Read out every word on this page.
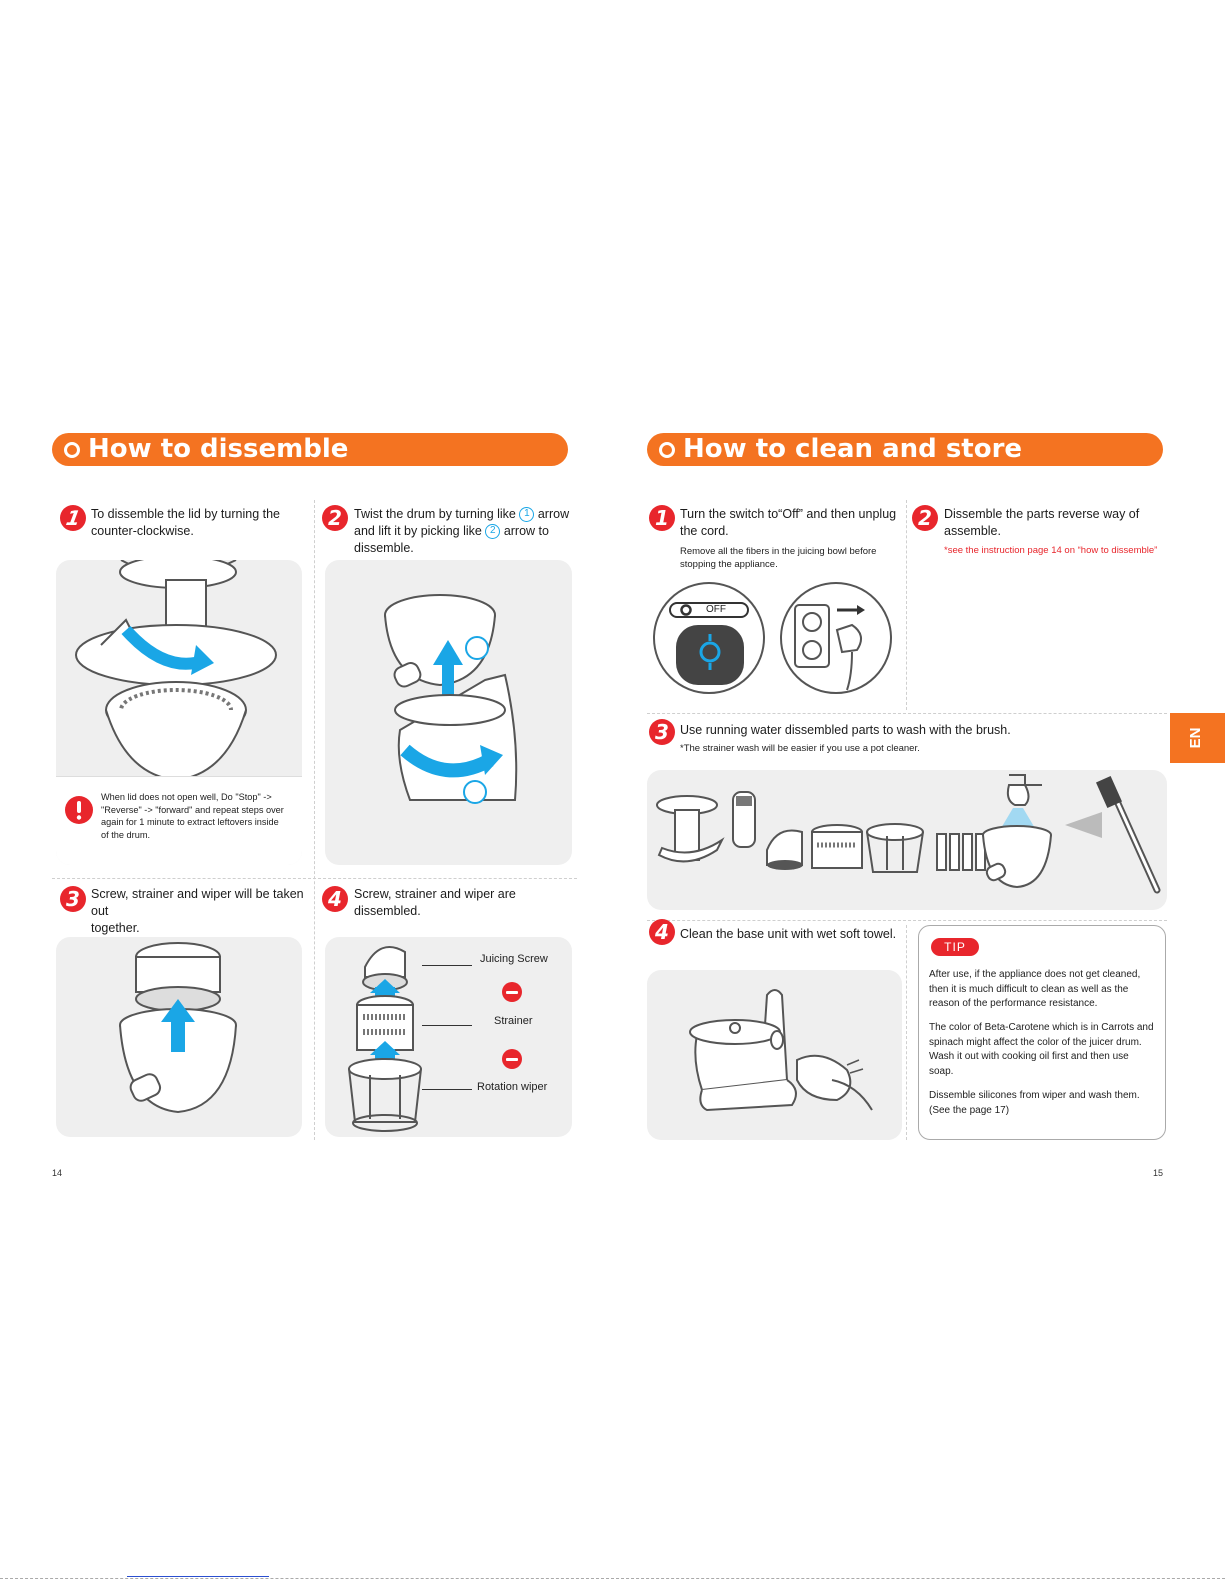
How to dissemble
1 To dissemble the lid by turning the
counter-clockwise.
When lid does not open well, Do "Stop" ->
"Reverse" -> "forward" and repeat steps over
again for 1 minute to extract leftovers inside
of the drum.
2 Twist the drum by turning like 1 arrow
and lift it by picking like 2 arrow to
dissemble.
3 Screw, strainer and wiper will be taken out
together.
4 Screw, strainer and wiper are dissembled.
Juicing Screw
Strainer
Rotation wiper
14
How to clean and store
1 Turn the switch to“Off” and then unplug
the cord.
Remove all the fibers in the juicing bowl before
stopping the appliance.
OFF
2 Dissemble the parts reverse way of
assemble.
*see the instruction page 14 on “how to dissemble”
3 Use running water dissembled parts to wash with the brush.
*The strainer wash will be easier if you use a pot cleaner.
4 Clean the base unit with wet soft towel.
TIP
After use, if the appliance does not get cleaned,
then it is much difficult to clean as well as the
reason of the performance resistance.
The color of Beta-Carotene which is in Carrots and
spinach might affect the color of the juicer drum.
Wash it out with cooking oil first and then use
soap.
Dissemble silicones from wiper and wash them.
(See the page 17)
EN
15
